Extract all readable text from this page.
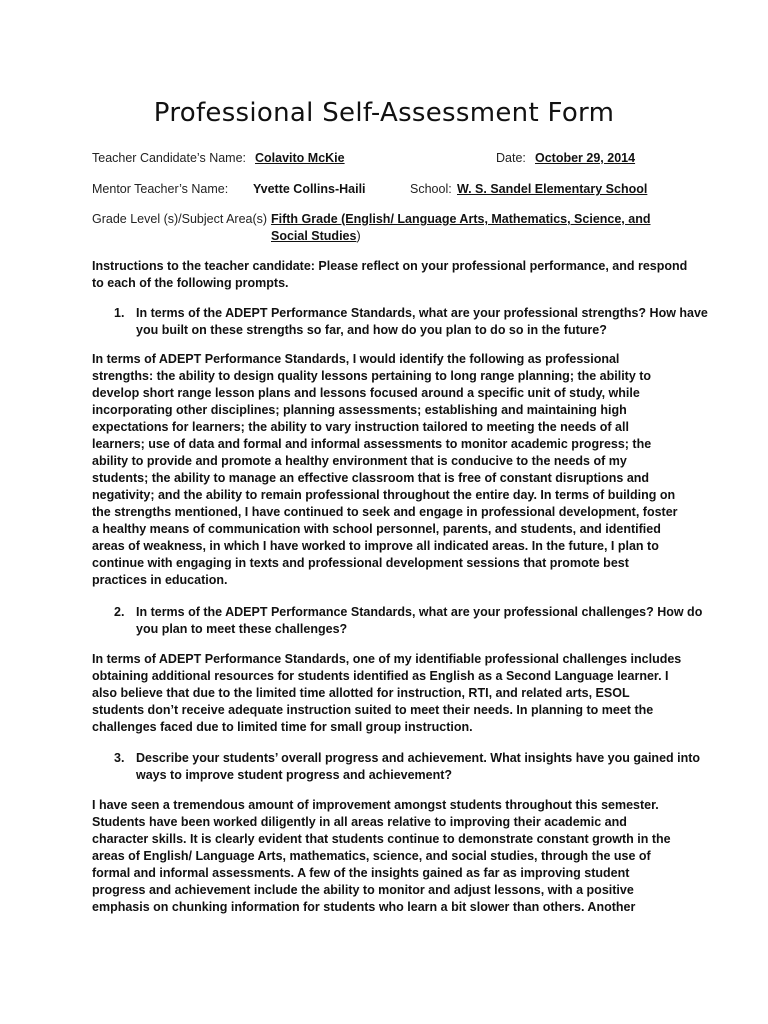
Professional Self-Assessment Form
Teacher Candidate’s Name: Colavito McKie	Date: October 29, 2014
Mentor Teacher’s Name: Yvette Collins-Haili	School: W. S. Sandel Elementary School
Grade Level (s)/Subject Area(s) Fifth Grade (English/ Language Arts, Mathematics, Science, and
Social Studies)
Instructions to the teacher candidate: Please reflect on your professional performance, and respond to each of the following prompts.
1. In terms of the ADEPT Performance Standards, what are your professional strengths? How have you built on these strengths so far, and how do you plan to do so in the future?
In terms of ADEPT Performance Standards, I would identify the following as professional strengths: the ability to design quality lessons pertaining to long range planning; the ability to develop short range lesson plans and lessons focused around a specific unit of study, while incorporating other disciplines; planning assessments; establishing and maintaining high expectations for learners; the ability to vary instruction tailored to meeting the needs of all learners; use of data and formal and informal assessments to monitor academic progress; the ability to provide and promote a healthy environment that is conducive to the needs of my students; the ability to manage an effective classroom that is free of constant disruptions and negativity; and the ability to remain professional throughout the entire day. In terms of building on the strengths mentioned, I have continued to seek and engage in professional development, foster a healthy means of communication with school personnel, parents, and students, and identified areas of weakness, in which I have worked to improve all indicated areas. In the future, I plan to continue with engaging in texts and professional development sessions that promote best practices in education.
2. In terms of the ADEPT Performance Standards, what are your professional challenges? How do you plan to meet these challenges?
In terms of ADEPT Performance Standards, one of my identifiable professional challenges includes obtaining additional resources for students identified as English as a Second Language learner. I also believe that due to the limited time allotted for instruction, RTI, and related arts, ESOL students don’t receive adequate instruction suited to meet their needs. In planning to meet the challenges faced due to limited time for small group instruction.
3. Describe your students’ overall progress and achievement. What insights have you gained into ways to improve student progress and achievement?
I have seen a tremendous amount of improvement amongst students throughout this semester. Students have been worked diligently in all areas relative to improving their academic and character skills. It is clearly evident that students continue to demonstrate constant growth in the areas of English/ Language Arts, mathematics, science, and social studies, through the use of formal and informal assessments. A few of the insights gained as far as improving student progress and achievement include the ability to monitor and adjust lessons, with a positive emphasis on chunking information for students who learn a bit slower than others. Another
